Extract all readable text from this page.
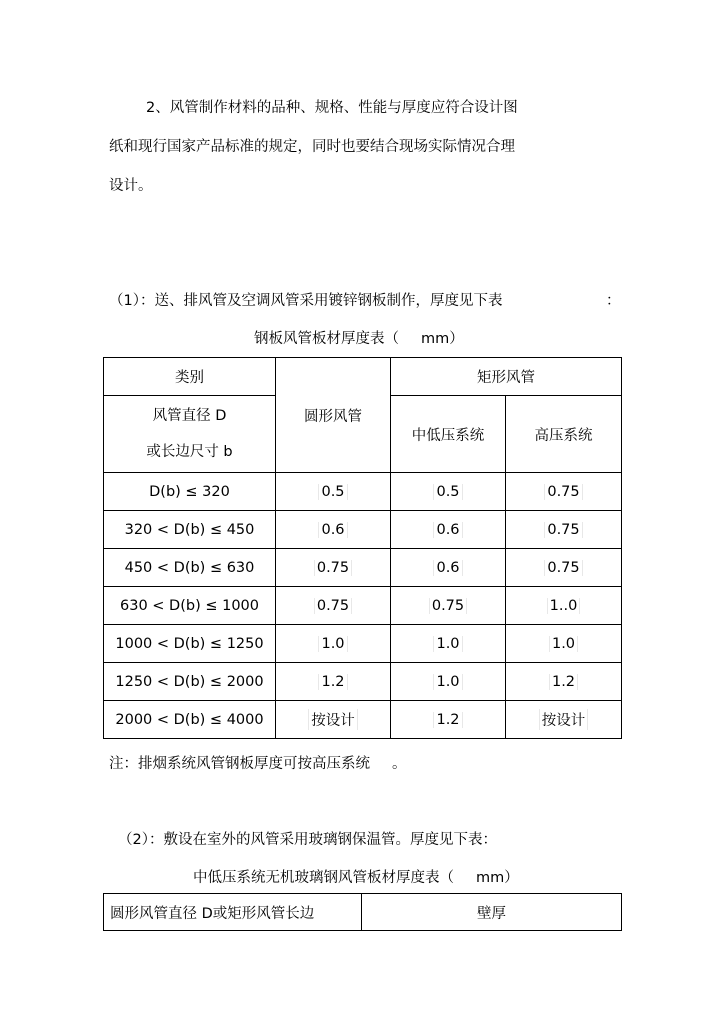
2、风管制作材料的品种、规格、性能与厚度应符合设计图
纸和现行国家产品标准的规定，同时也要结合现场实际情况合理
设计。
（1）：送、排风管及空调风管采用镀锌钢板制作，厚度见下表	：
钢板风管板材厚度表（ mm）
类别	圆形风管	矩形风管	

风管直径 D
或长边尺寸 b		中低压系统	高压系统
D(b) ≤ 320	0.5	0.5	0.75
320 < D(b) ≤ 450	0.6	0.6	0.75
450 < D(b) ≤ 630	0.75	0.6	0.75
630 < D(b) ≤ 1000	0.75	0.75	1..0
1000 < D(b) ≤ 1250	1.0	1.0	1.0
1250 < D(b) ≤ 2000	1.2	1.0	1.2
2000 < D(b) ≤ 4000	按设计	1.2	按设计
注：排烟系统风管钢板厚度可按高压系统 。
（2）：敷设在室外的风管采用玻璃钢保温管。厚度见下表：
中低压系统无机玻璃钢风管板材厚度表（ mm）
圆形风管直径 D或矩形风管长边	壁厚
